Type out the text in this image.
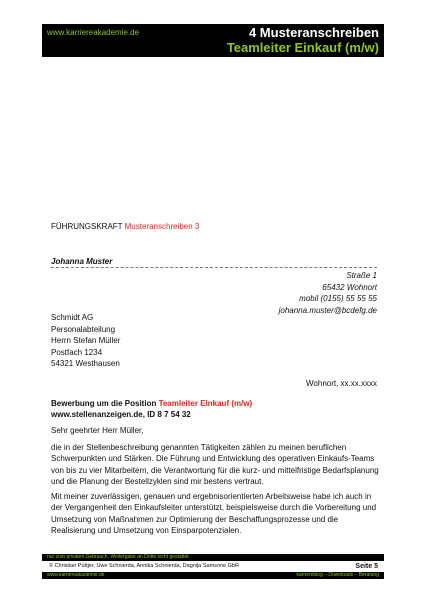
www.karriereakademie.de	4 Musteranschreiben
Teamleiter Einkauf (m/w)
FÜHRUNGSKRAFT Musteranschreiben 3
Johanna Muster
Straße 1
65432 Wohnort
mobil (0155) 55 55 55
johanna.muster@bcdefg.de
Schmidt AG
Personalabteilung
Herrn Stefan Müller
Postfach 1234
54321 Westhausen
Wohnort, xx.xx.xxxx
Bewerbung um die Position Teamleiter Einkauf (m/w)
www.stellenanzeigen.de, ID 8 7 54 32
Sehr geehrter Herr Müller,

die in der Stellenbeschreibung genannten Tätigkeiten zählen zu meinen beruflichen Schwerpunkten und Stärken. Die Führung und Entwicklung des operativen Einkaufs-Teams von bis zu vier Mitarbeitern, die Verantwortung für die kurz- und mittelfristige Bedarfsplanung und die Planung der Bestellzyklen sind mir bestens vertraut.

Mit meiner zuverlässigen, genauen und ergebnisorientierten Arbeitsweise habe ich auch in der Vergangenheit den Einkaufsleiter unterstützt, beispielsweise durch die Vorbereitung und Umsetzung von Maßnahmen zur Optimierung der Beschaffungsprozesse und die Realisierung und Umsetzung von Einsparpotenzialen.

nur zum privaten Gebrauch, Weitergabe an Dritte nicht gestattet
© Christian Püttjer, Uwe Schnierda, Annika Schnierda, Dagnija Samsone GbR	Seite 5
www.karriereakademie.de	karriereblog – Downloads – Beratung
